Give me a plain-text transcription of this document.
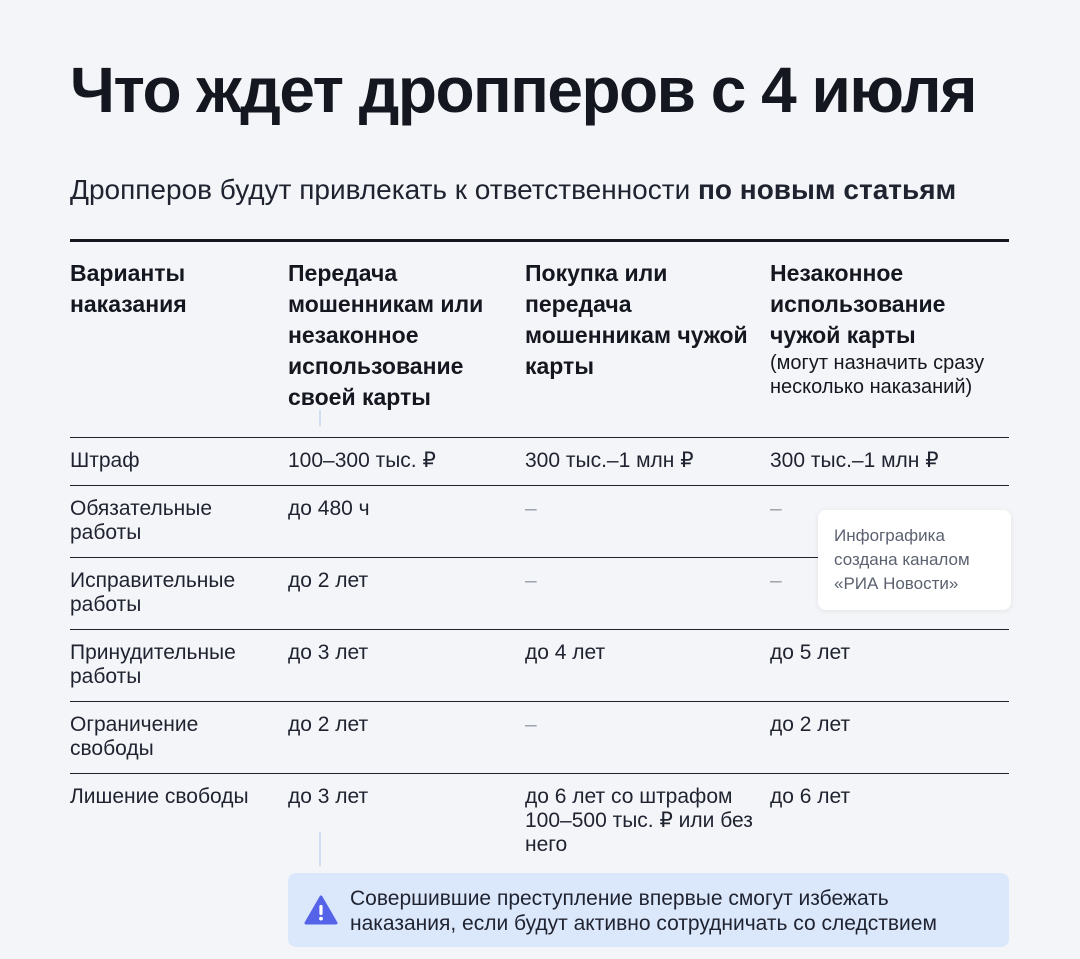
Что ждет дропперов с 4 июля

Дропперов будут привлекать к ответственности по новым статьям

Варианты наказания	Передача мошенникам или незаконное использование своей карты	Покупка или передача мошенникам чужой карты	Незаконное использование чужой карты
(могут назначить сразу несколько наказаний)

Штраф	100–300 тыс. ₽	300 тыс.–1 млн ₽	300 тыс.–1 млн ₽
Обязательные работы	до 480 ч	–	–
Исправительные работы	до 2 лет	–	–
Принудительные работы	до 3 лет	до 4 лет	до 5 лет
Ограничение свободы	до 2 лет	–	до 2 лет
Лишение свободы	до 3 лет	до 6 лет со штрафом 100–500 тыс. ₽ или без него	до 6 лет
Инфографика
создана каналом
«РИА Новости»
Совершившие преступление впервые смогут избежать
наказания, если будут активно сотрудничать со следствием
